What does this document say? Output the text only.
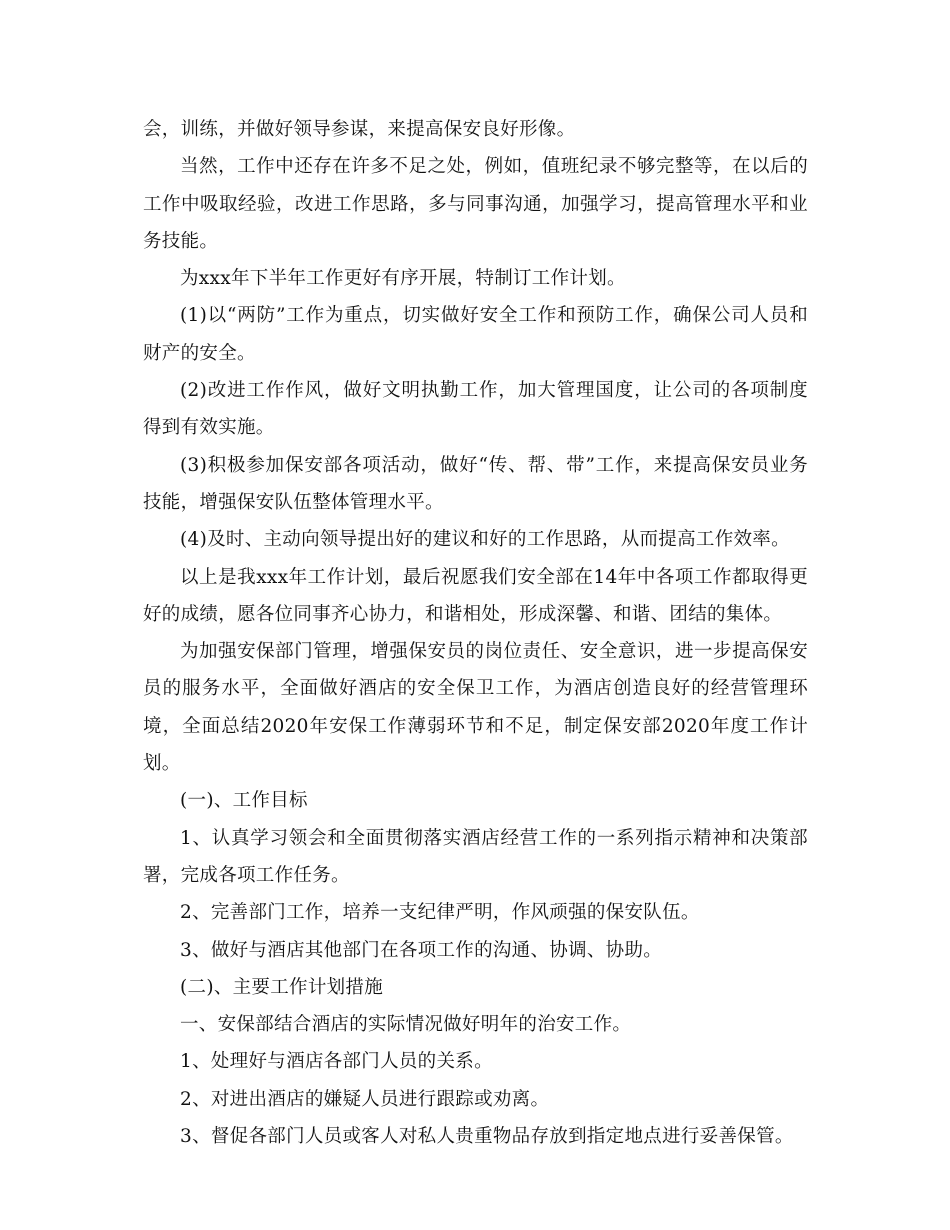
会，训练，并做好领导参谋，来提高保安良好形像。

当然，工作中还存在许多不足之处，例如，值班纪录不够完整等，在以后的工作中吸取经验，改进工作思路，多与同事沟通，加强学习，提高管理水平和业务技能。

为xxx年下半年工作更好有序开展，特制订工作计划。

(1)以“两防”工作为重点，切实做好安全工作和预防工作，确保公司人员和财产的安全。

(2)改进工作作风，做好文明执勤工作，加大管理国度，让公司的各项制度得到有效实施。

(3)积极参加保安部各项活动，做好“传、帮、带”工作，来提高保安员业务技能，增强保安队伍整体管理水平。

(4)及时、主动向领导提出好的建议和好的工作思路，从而提高工作效率。

以上是我xxx年工作计划，最后祝愿我们安全部在14年中各项工作都取得更好的成绩，愿各位同事齐心协力，和谐相处，形成深馨、和谐、团结的集体。

为加强安保部门管理，增强保安员的岗位责任、安全意识，进一步提高保安员的服务水平，全面做好酒店的安全保卫工作，为酒店创造良好的经营管理环境，全面总结2020年安保工作薄弱环节和不足，制定保安部2020年度工作计划。

(一)、工作目标

1、认真学习领会和全面贯彻落实酒店经营工作的一系列指示精神和决策部署，完成各项工作任务。

2、完善部门工作，培养一支纪律严明，作风顽强的保安队伍。

3、做好与酒店其他部门在各项工作的沟通、协调、协助。

(二)、主要工作计划措施

一、安保部结合酒店的实际情况做好明年的治安工作。

1、处理好与酒店各部门人员的关系。

2、对进出酒店的嫌疑人员进行跟踪或劝离。

3、督促各部门人员或客人对私人贵重物品存放到指定地点进行妥善保管。
